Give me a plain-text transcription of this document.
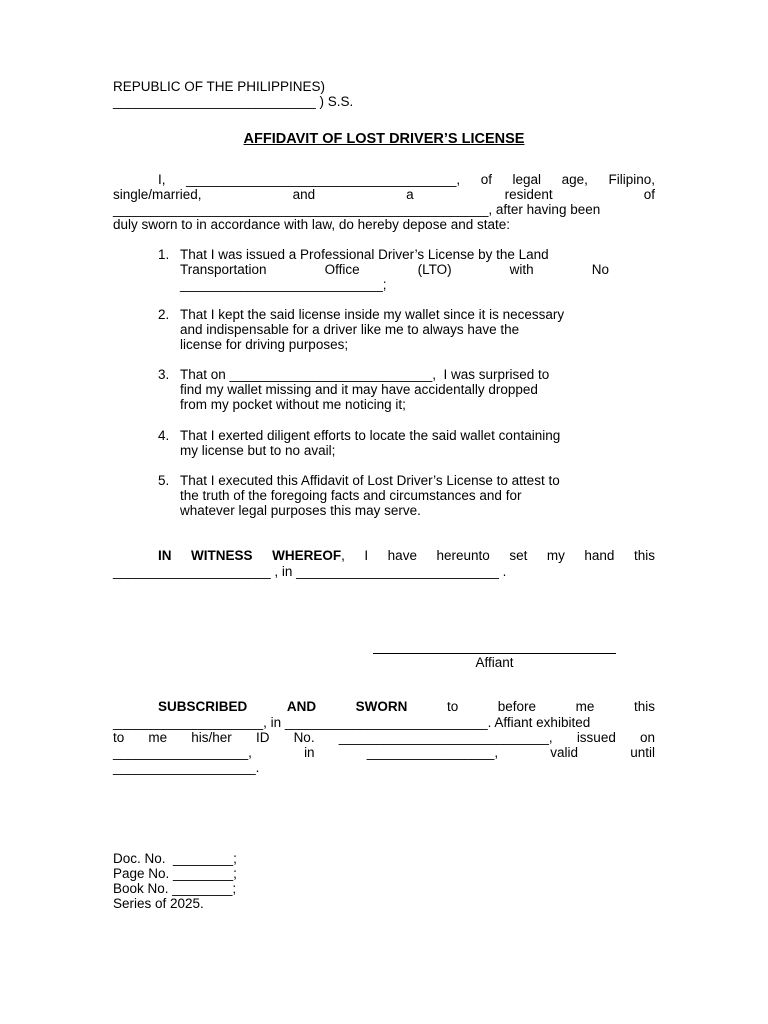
REPUBLIC OF THE PHILIPPINES)
___________________________ ) S.S.
AFFIDAVIT OF LOST DRIVER’S LICENSE
I, ____________________________________, of legal age, Filipino,
single/married,	and	a	resident	of
__________________________________________________, after having been
duly sworn to in accordance with law, do hereby depose and state:
1. That I was issued a Professional Driver’s License by the Land
Transportation	Office	(LTO)	with	No
___________________________;
2. That I kept the said license inside my wallet since it is necessary
and indispensable for a driver like me to always have the
license for driving purposes;
3. That on ___________________________,  I was surprised to
find my wallet missing and it may have accidentally dropped
from my pocket without me noticing it;
4. That I exerted diligent efforts to locate the said wallet containing
my license but to no avail;
5. That I executed this Affidavit of Lost Driver’s License to attest to
the truth of the foregoing facts and circumstances and for
whatever legal purposes this may serve.
IN WITNESS WHEREOF, I have hereunto set my hand this
_____________________ , in ___________________________ .
Affiant
SUBSCRIBED	AND	SWORN	to	before	me	this
____________________, in ___________________________. Affiant exhibited
to me his/her ID No. ____________________________, issued on
__________________,	in	_________________,	valid	until
___________________.
Doc. No.  ________;
Page No. ________;
Book No. ________;
Series of 2025.
